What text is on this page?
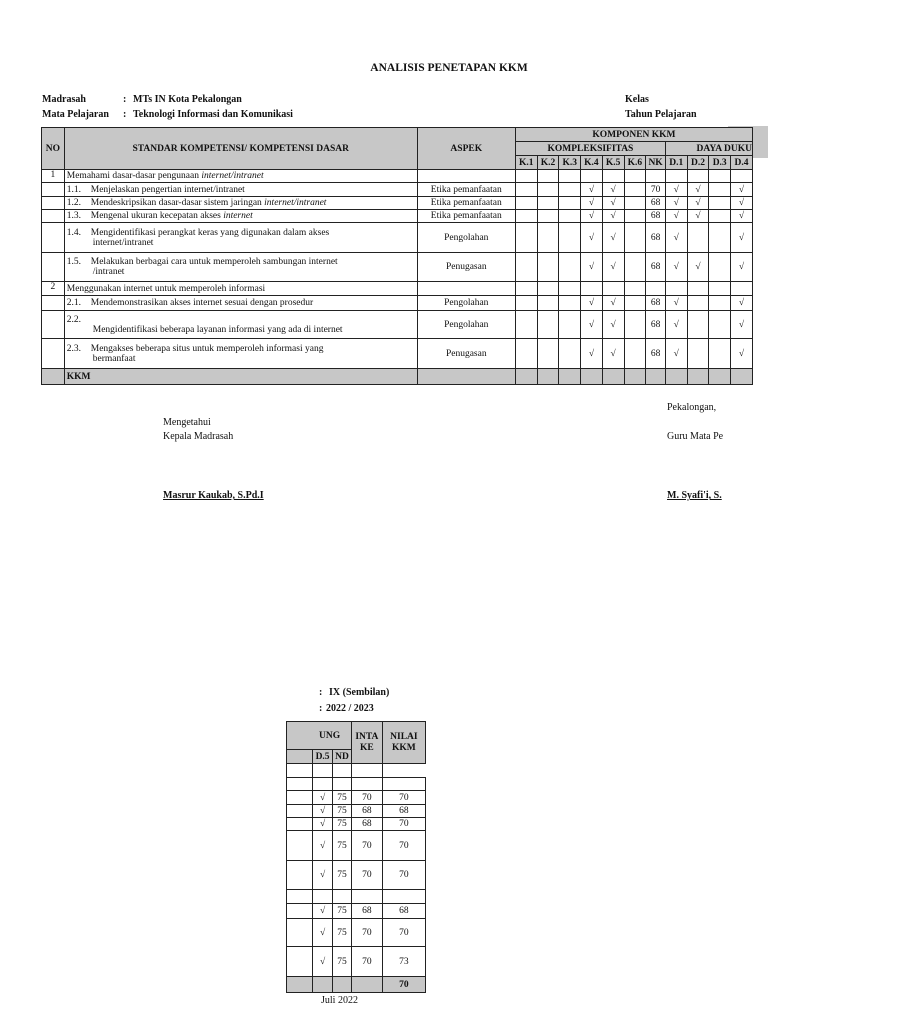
ANALISIS PENETAPAN KKM
Madrasah	: MTs IN Kota Pekalongan
Mata Pelajaran : Teknologi Informasi dan Komunikasi
Kelas
Tahun Pelajaran
: IX (Sembilan)
: 2022 / 2023
NO	STANDAR KOMPETENSI/ KOMPETENSI DASAR	ASPEK	KOMPONEN KKM										
			KOMPLEKSIFITAS							DAYA DUKU			
			K.1	K.2	K.3	K.4	K.5	K.6	NK	D.1	D.2	D.3	D.4
1	Memahami dasar-dasar pengunaan internet/intranet												
	1.1. Menjelaskan pengertian internet/intranet	Etika pemanfaatan				√	√		70	√	√		√
	1.2. Mendeskripsikan dasar-dasar sistem jaringan internet/intranet	Etika pemanfaatan				√	√		68	√	√		√
	1.3. Mengenal ukuran kecepatan akses internet	Etika pemanfaatan				√	√		68	√	√		√
	1.4. Mengidentifikasi perangkat keras yang digunakan dalam akses
internet/intranet	Pengolahan				√	√		68	√			√
	1.5. Melakukan berbagai cara untuk memperoleh sambungan internet
/intranet	Penugasan				√	√		68	√	√		√
2	Menggunakan internet untuk memperoleh informasi												
	2.1. Mendemonstrasikan akses internet sesuai dengan prosedur	Pengolahan				√	√		68	√			√
	2.2.
Mengidentifikasi beberapa layanan informasi yang ada di internet	Pengolahan				√	√		68	√			√
	2.3. Mengakses beberapa situs untuk memperoleh informasi yang
bermanfaat	Penugasan				√	√		68	√			√
	KKM												
Pekalongan,
Mengetahui
Kepala Madrasah	Guru Mata Pe
Masrur Kaukab, S.Pd.I	M. Syafi'i, S.
Juli 2022
UNG			INTA KE	NILAI KKM
	D.5	ND		

	√	75	70	70
	√	75	68	68
	√	75	68	70
	√	75	70	70
	√	75	70	70

	√	75	68	68
	√	75	70	70
	√	75	70	73
				70
